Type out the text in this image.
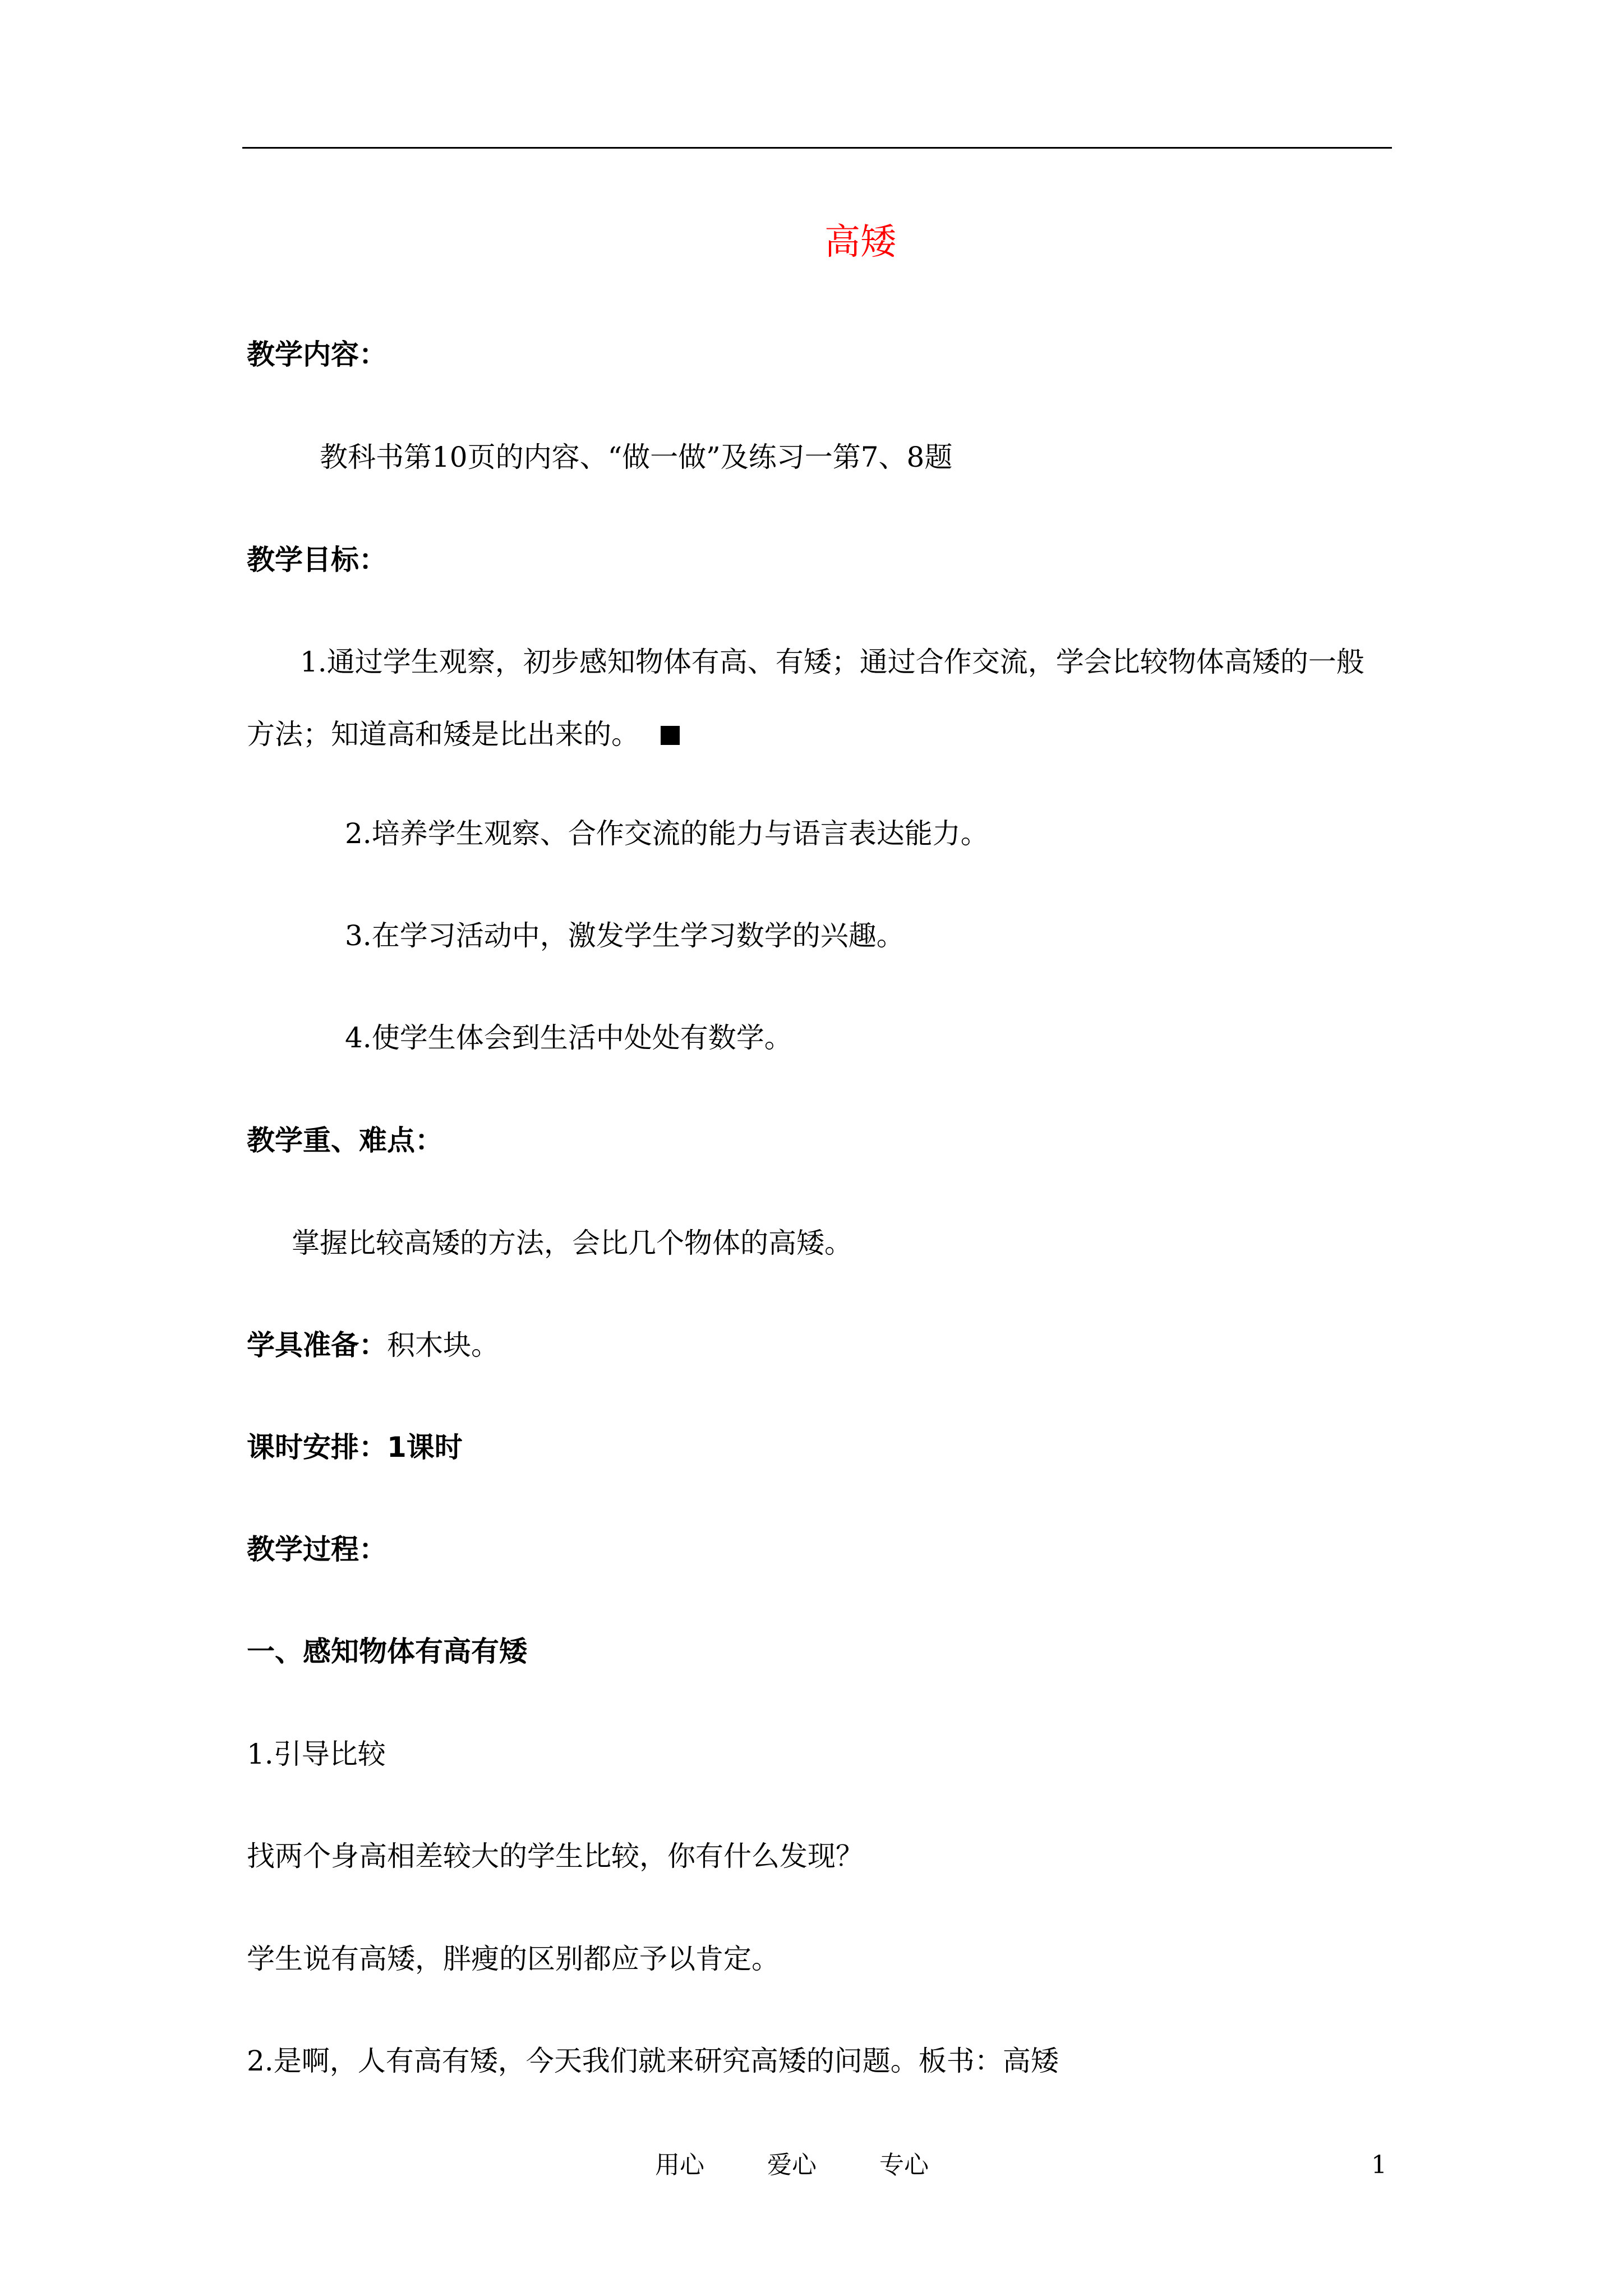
高矮
教学内容：
教科书第10页的内容、“做一做”及练习一第7、8题
教学目标：
1.通过学生观察，初步感知物体有高、有矮；通过合作交流，学会比较物体高矮的一般
方法；知道高和矮是比出来的。
2.培养学生观察、合作交流的能力与语言表达能力。
3.在学习活动中，激发学生学习数学的兴趣。
4.使学生体会到生活中处处有数学。
教学重、难点：
掌握比较高矮的方法，会比几个物体的高矮。
学具准备：积木块。
课时安排：1课时
教学过程：
一、感知物体有高有矮
1.引导比较
找两个身高相差较大的学生比较，你有什么发现？
学生说有高矮，胖瘦的区别都应予以肯定。
2.是啊，人有高有矮，今天我们就来研究高矮的问题。板书：高矮
用心	爱心	专心	1
